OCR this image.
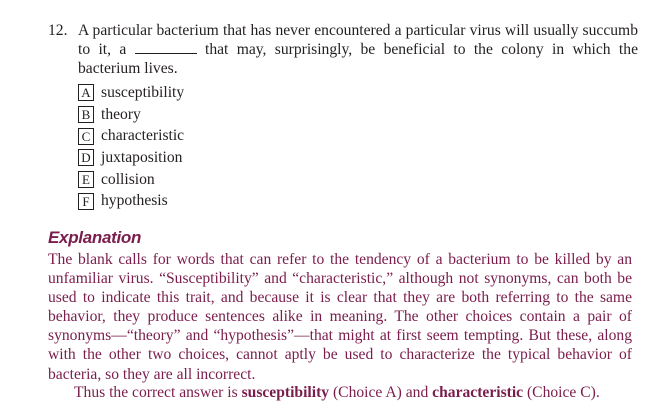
12. A particular bacterium that has never encountered a particular virus will usually succumb to it, a	that may, surprisingly, be beneficial to the colony in which the bacterium lives.
A susceptibility
B theory
C characteristic
D juxtaposition
E collision
F hypothesis
Explanation

The blank calls for words that can refer to the tendency of a bacterium to be killed by an unfamiliar virus. “Susceptibility” and “characteristic,” although not synonyms, can both be used to indicate this trait, and because it is clear that they are both referring to the same behavior, they produce sentences alike in meaning. The other choices contain a pair of synonyms—“theory” and “hypothesis”—that might at first seem tempting. But these, along with the other two choices, cannot aptly be used to characterize the typical behavior of bacteria, so they are all incorrect.

Thus the correct answer is susceptibility (Choice A) and characteristic (Choice C).
